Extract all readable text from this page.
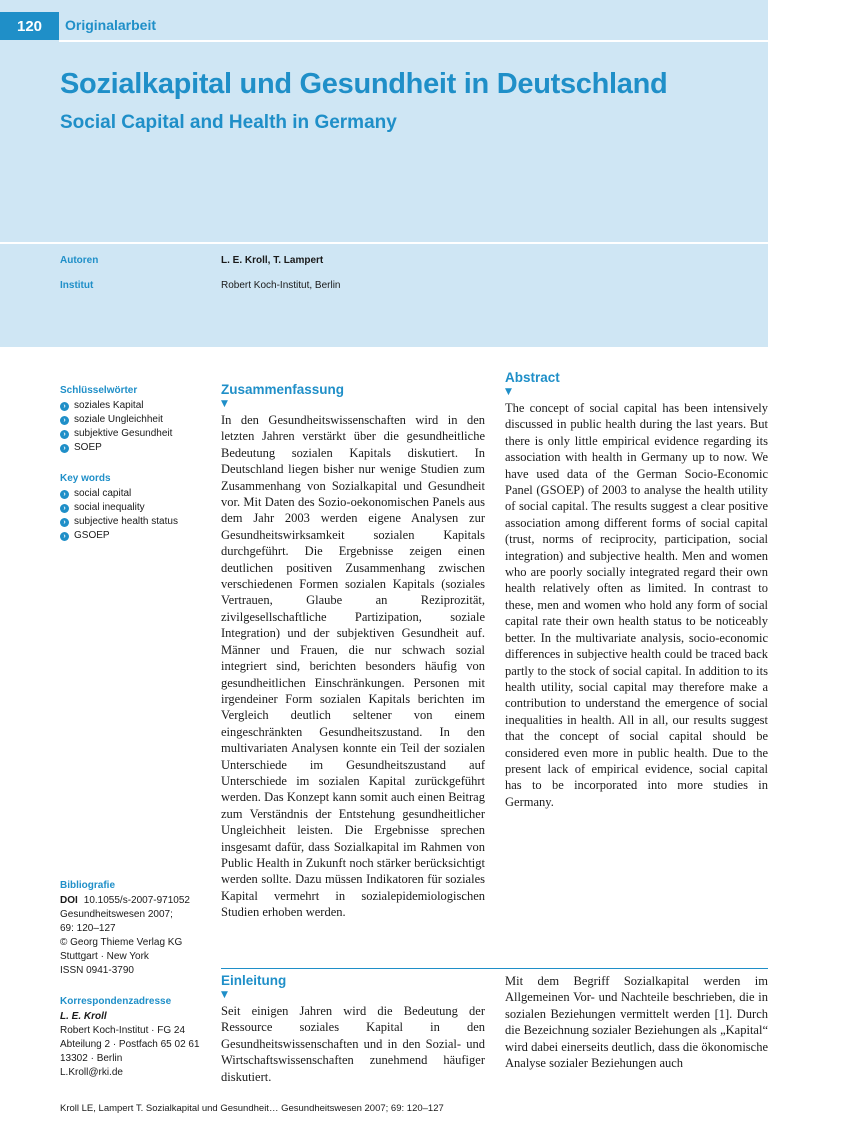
120	Originalarbeit
Sozialkapital und Gesundheit in Deutschland
Social Capital and Health in Germany
Autoren	L. E. Kroll, T. Lampert
Institut	Robert Koch-Institut, Berlin
Schlüsselwörter
› soziales Kapital
› soziale Ungleichheit
› subjektive Gesundheit
› SOEP
Key words
› social capital
› social inequality
› subjective health status
› GSOEP
Bibliografie
DOI 10.1055/s-2007-971052
Gesundheitswesen 2007;
69: 120–127
© Georg Thieme Verlag KG
Stuttgart · New York
ISSN 0941-3790
Korrespondenzadresse
L. E. Kroll
Robert Koch-Institut · FG 24
Abteilung 2 · Postfach 65 02 61
13302 · Berlin
L.Kroll@rki.de
Zusammenfassung
▼

In den Gesundheitswissenschaften wird in den letzten Jahren verstärkt über die gesundheitliche Bedeutung sozialen Kapitals diskutiert. In Deutschland liegen bisher nur wenige Studien zum Zusammenhang von Sozialkapital und Gesundheit vor. Mit Daten des Sozio-oekonomischen Panels aus dem Jahr 2003 werden eigene Analysen zur Gesundheitswirksamkeit sozialen Kapitals durchgeführt. Die Ergebnisse zeigen einen deutlichen positiven Zusammenhang zwischen verschiedenen Formen sozialen Kapitals (soziales Vertrauen, Glaube an Reziprozität, zivilgesellschaftliche Partizipation, soziale Integration) und der subjektiven Gesundheit auf. Männer und Frauen, die nur schwach sozial integriert sind, berichten besonders häufig von gesundheitlichen Einschränkungen. Personen mit irgendeiner Form sozialen Kapitals berichten im Vergleich deutlich seltener von einem eingeschränkten Gesundheitszustand. In den multivariaten Analysen konnte ein Teil der sozialen Unterschiede im Gesundheitszustand auf Unterschiede im sozialen Kapital zurückgeführt werden. Das Konzept kann somit auch einen Beitrag zum Verständnis der Entstehung gesundheitlicher Ungleichheit leisten. Die Ergebnisse sprechen insgesamt dafür, dass Sozialkapital im Rahmen von Public Health in Zukunft noch stärker berücksichtigt werden sollte. Dazu müssen Indikatoren für soziales Kapital vermehrt in sozialepidemiologischen Studien erhoben werden.

Abstract
▼

The concept of social capital has been intensively discussed in public health during the last years. But there is only little empirical evidence regarding its association with health in Germany up to now. We have used data of the German Socio-Economic Panel (GSOEP) of 2003 to analyse the health utility of social capital. The results suggest a clear positive association among different forms of social capital (trust, norms of reciprocity, participation, social integration) and subjective health. Men and women who are poorly socially integrated regard their own health relatively often as limited. In contrast to these, men and women who hold any form of social capital rate their own health status to be noticeably better. In the multivariate analysis, socio-economic differences in subjective health could be traced back partly to the stock of social capital. In addition to its health utility, social capital may therefore make a contribution to understand the emergence of social inequalities in health. All in all, our results suggest that the concept of social capital should be considered even more in public health. Due to the present lack of empirical evidence, social capital has to be incorporated into more studies in Germany.

Einleitung
▼

Seit einigen Jahren wird die Bedeutung der Ressource soziales Kapital in den Gesundheitswissenschaften und in den Sozial- und Wirtschaftswissenschaften zunehmend häufiger diskutiert.

Mit dem Begriff Sozialkapital werden im Allgemeinen Vor- und Nachteile beschrieben, die in sozialen Beziehungen vermittelt werden [1]. Durch die Bezeichnung sozialer Beziehungen als „Kapital“ wird dabei einerseits deutlich, dass die ökonomische Analyse sozialer Beziehungen auch

Kroll LE, Lampert T. Sozialkapital und Gesundheit… Gesundheitswesen 2007; 69: 120–127
